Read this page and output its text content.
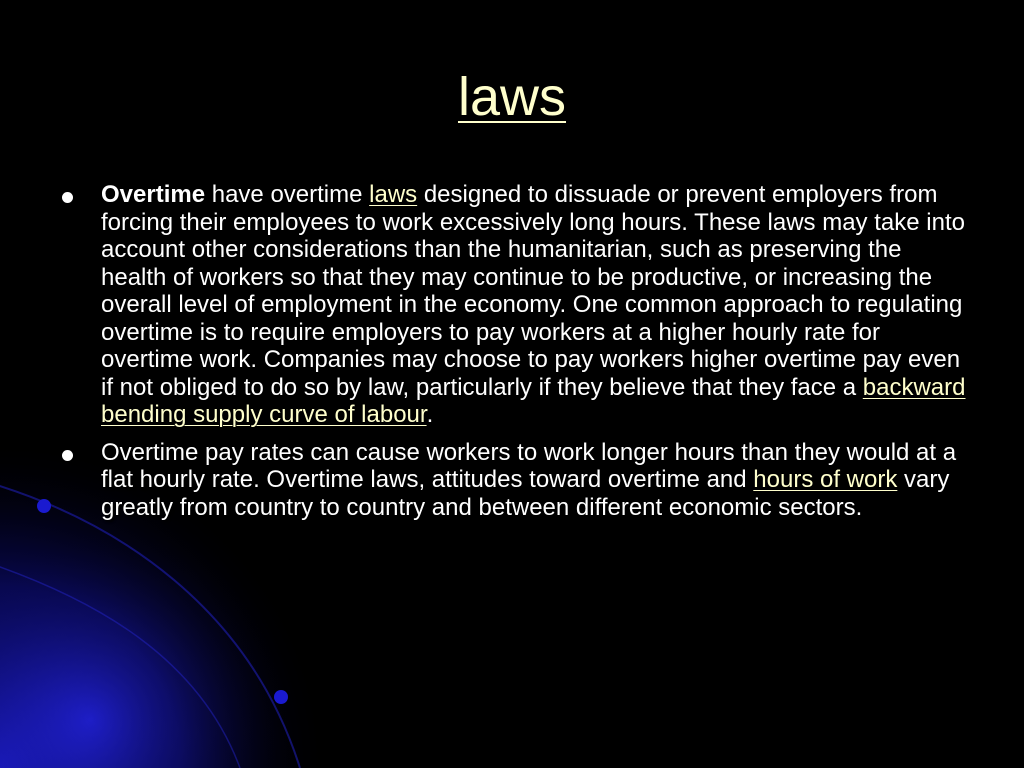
laws
Overtime have overtime laws designed to dissuade or prevent employers from forcing their employees to work excessively long hours. These laws may take into account other considerations than the humanitarian, such as preserving the health of workers so that they may continue to be productive, or increasing the overall level of employment in the economy. One common approach to regulating overtime is to require employers to pay workers at a higher hourly rate for overtime work. Companies may choose to pay workers higher overtime pay even if not obliged to do so by law, particularly if they believe that they face a backward bending supply curve of labour.
Overtime pay rates can cause workers to work longer hours than they would at a flat hourly rate. Overtime laws, attitudes toward overtime and hours of work vary greatly from country to country and between different economic sectors.
